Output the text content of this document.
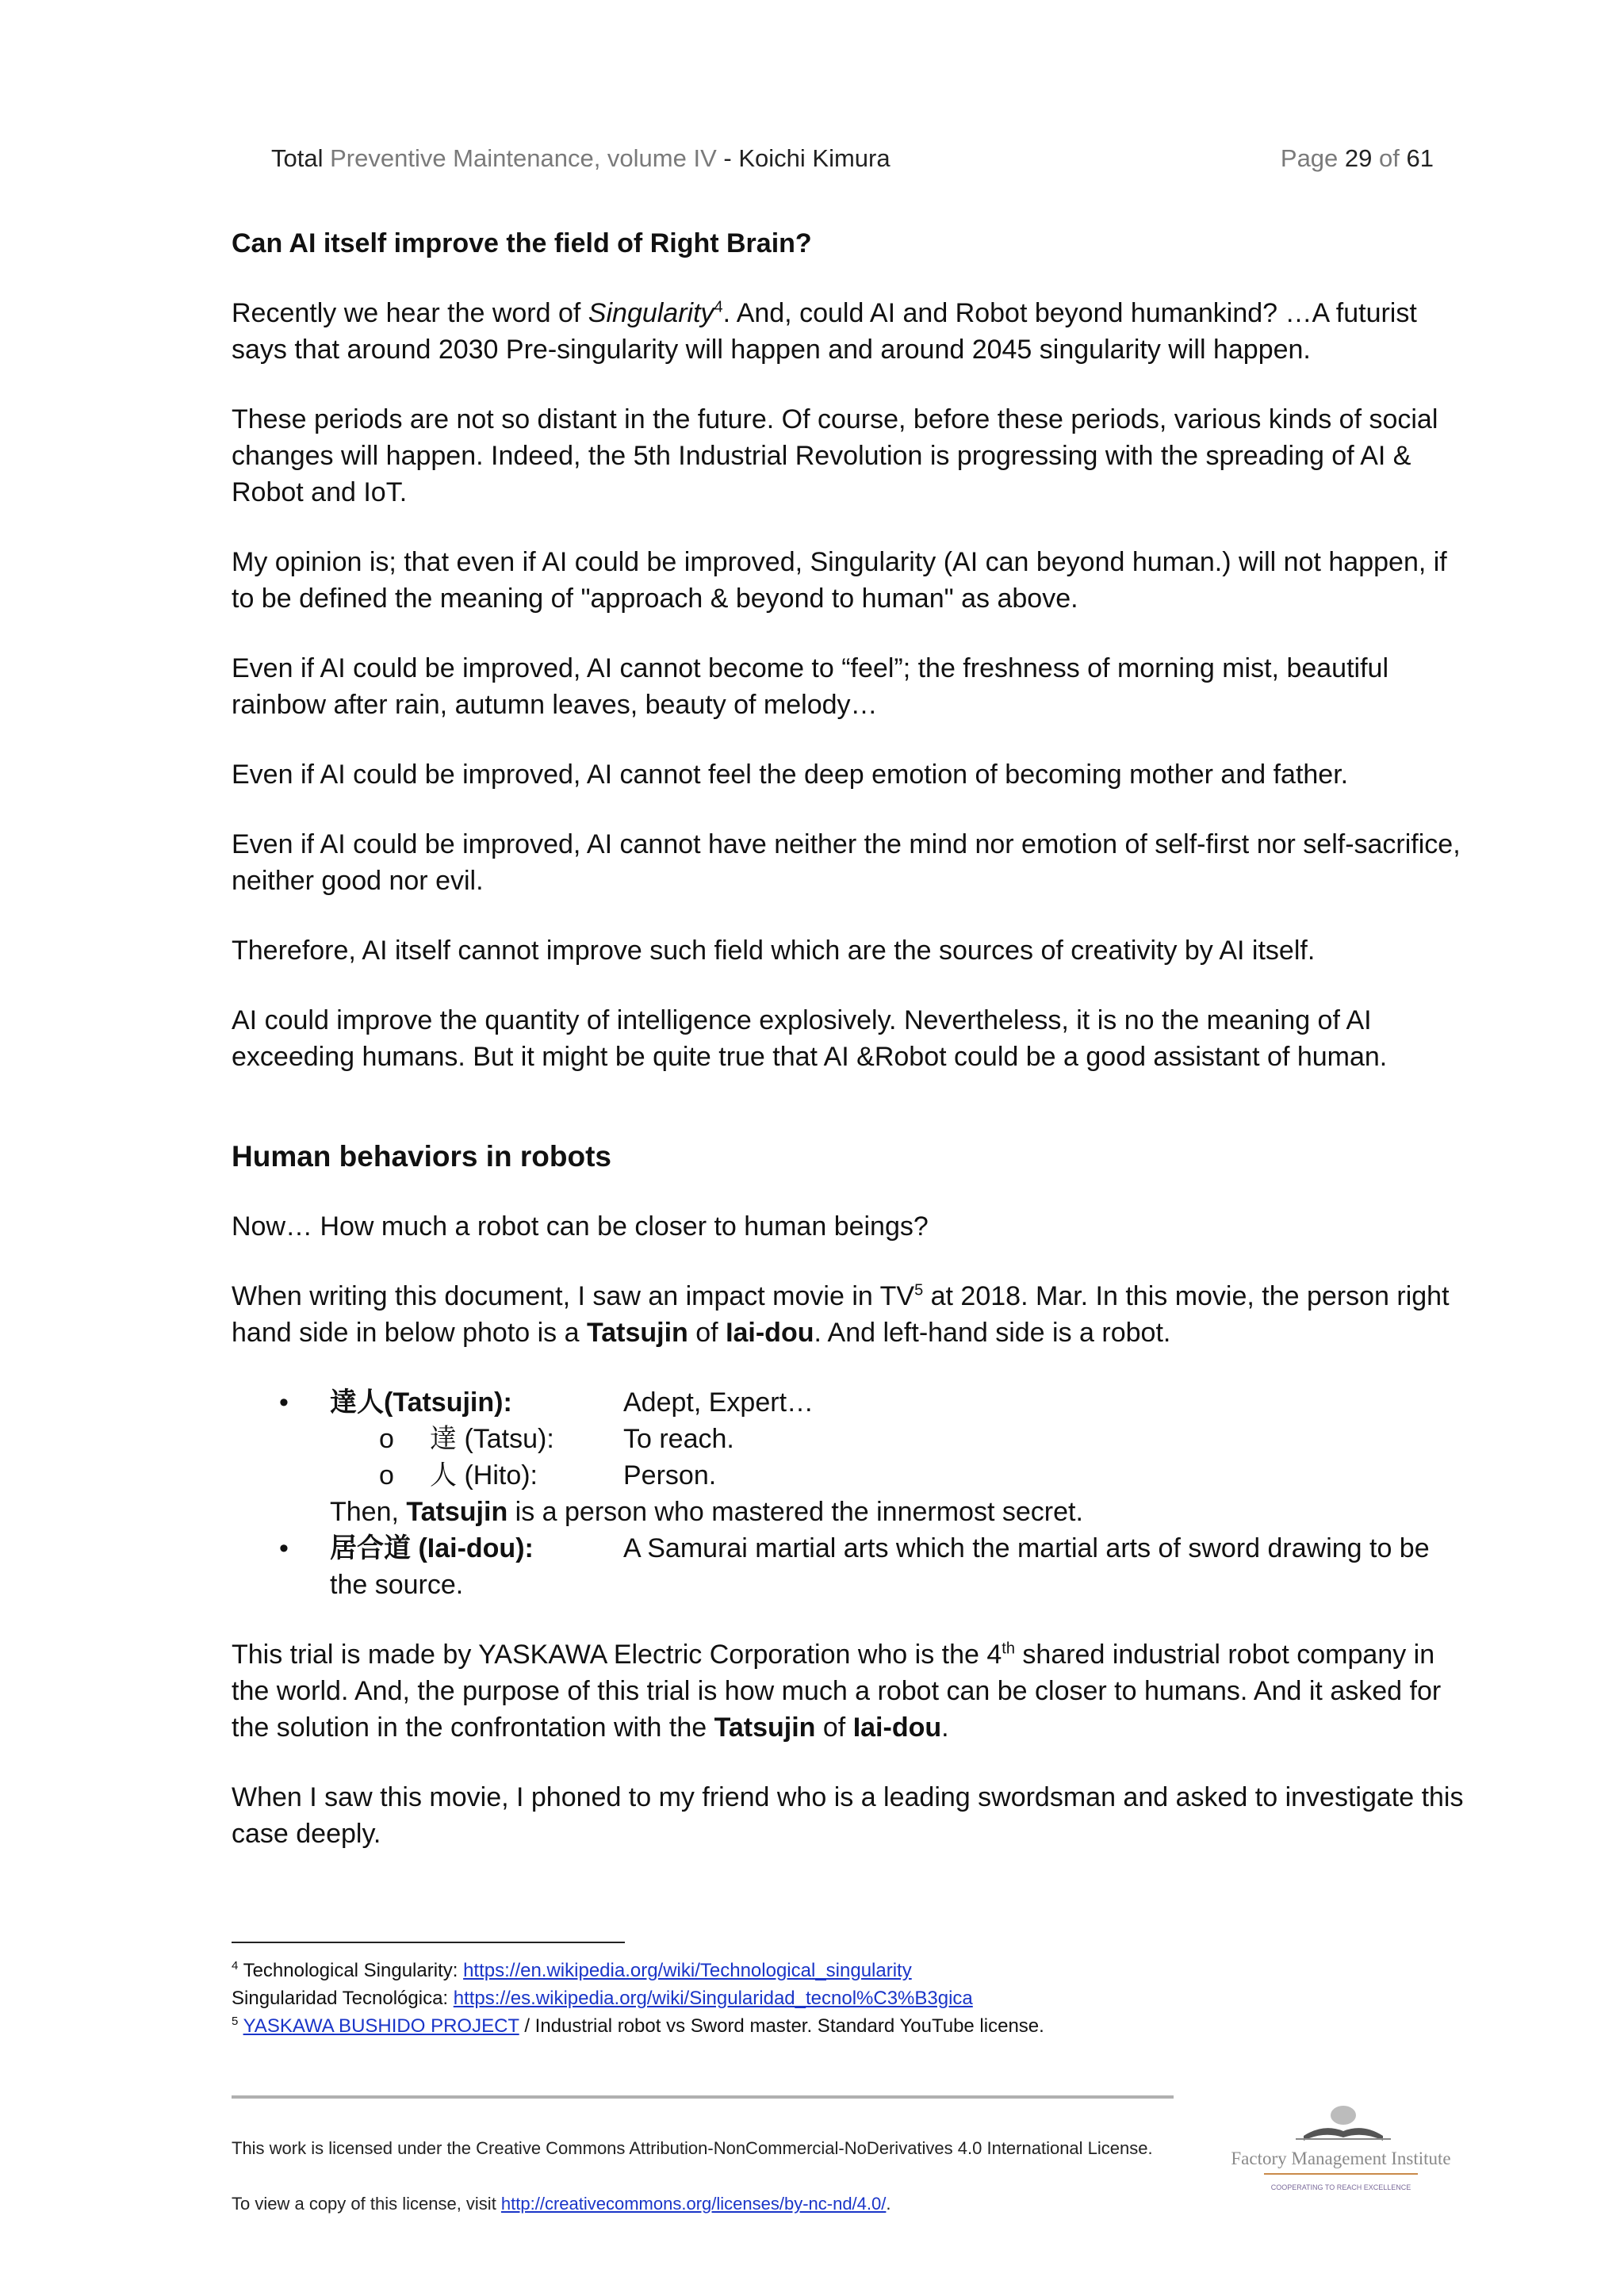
Total Preventive Maintenance, volume IV - Koichi Kimura	Page 29 of 61
Can AI itself improve the field of Right Brain?

Recently we hear the word of Singularity$^4$. And, could AI and Robot beyond humankind? …A futurist says that around 2030 Pre-singularity will happen and around 2045 singularity will happen.

These periods are not so distant in the future. Of course, before these periods, various kinds of social changes will happen. Indeed, the 5th Industrial Revolution is progressing with the spreading of AI & Robot and IoT.

My opinion is; that even if AI could be improved, Singularity (AI can beyond human.) will not happen, if to be defined the meaning of "approach & beyond to human" as above.

Even if AI could be improved, AI cannot become to “feel”; the freshness of morning mist, beautiful rainbow after rain, autumn leaves, beauty of melody…

Even if AI could be improved, AI cannot feel the deep emotion of becoming mother and father.

Even if AI could be improved, AI cannot have neither the mind nor emotion of self-first nor self-sacrifice, neither good nor evil.

Therefore, AI itself cannot improve such field which are the sources of creativity by AI itself.

AI could improve the quantity of intelligence explosively. Nevertheless, it is no the meaning of AI exceeding humans. But it might be quite true that AI &Robot could be a good assistant of human.

Human behaviors in robots

Now… How much a robot can be closer to human beings?

When writing this document, I saw an impact movie in $TV^5$ at 2018. Mar. In this movie, the person right hand side in below photo is a Tatsujin of Iai-dou. And left-hand side is a robot.

• 達人(Tatsujin):	Adept, Expert…
o 達 (Tatsu):	To reach.
o 人 (Hito):	Person.
Then, Tatsujin is a person who mastered the innermost secret.
• 居合道 (Iai-dou):	A Samurai martial arts which the martial arts of sword drawing to be
the source.

This trial is made by YASKAWA Electric Corporation who is the 4th shared industrial robot company in the world. And, the purpose of this trial is how much a robot can be closer to humans. And it asked for the solution in the confrontation with the Tatsujin of Iai-dou.

When I saw this movie, I phoned to my friend who is a leading swordsman and asked to investigate this case deeply.

$^4$ Technological Singularity: https://en.wikipedia.org/wiki/Technological_singularity
Singularidad Tecnológica: https://es.wikipedia.org/wiki/Singularidad_tecnol%C3%B3gica
$^5$ YASKAWA BUSHIDO PROJECT / Industrial robot vs Sword master. Standard YouTube license.
This work is licensed under the Creative Commons Attribution-NonCommercial-NoDerivatives 4.0 International License.
To view a copy of this license, visit http://creativecommons.org/licenses/by-nc-nd/4.0/.
Factory Management Institute
COOPERATING TO REACH EXCELLENCE
